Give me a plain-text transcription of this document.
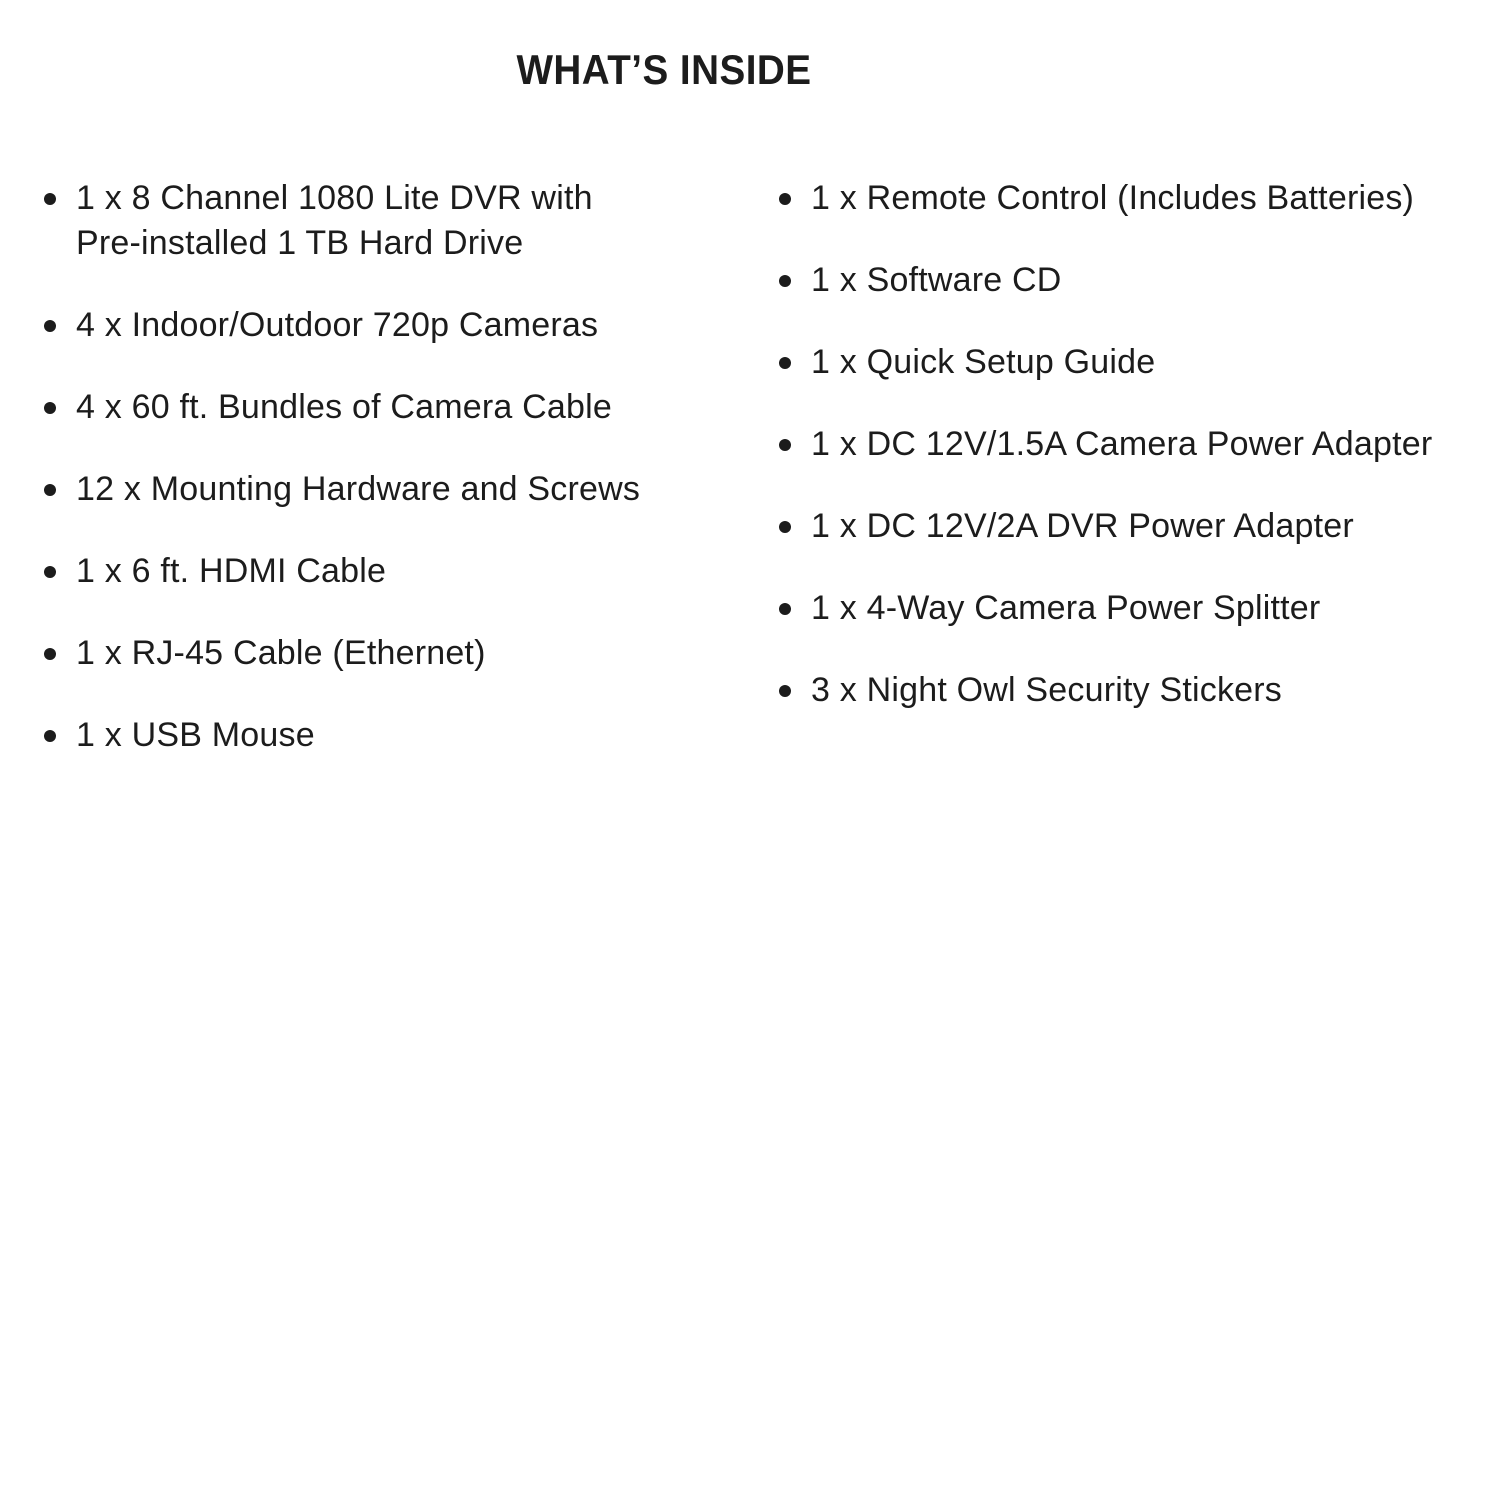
WHAT’S INSIDE
1 x 8 Channel 1080 Lite DVR with Pre-installed 1 TB Hard Drive
4 x Indoor/Outdoor 720p Cameras
4 x 60 ft. Bundles of Camera Cable
12 x Mounting Hardware and Screws
1 x 6 ft. HDMI Cable
1 x RJ-45 Cable (Ethernet)
1 x USB Mouse
1 x Remote Control (Includes Batteries)
1 x Software CD
1 x Quick Setup Guide
1 x DC 12V/1.5A Camera Power Adapter
1 x DC 12V/2A DVR Power Adapter
1 x 4-Way Camera Power Splitter
3 x Night Owl Security Stickers
